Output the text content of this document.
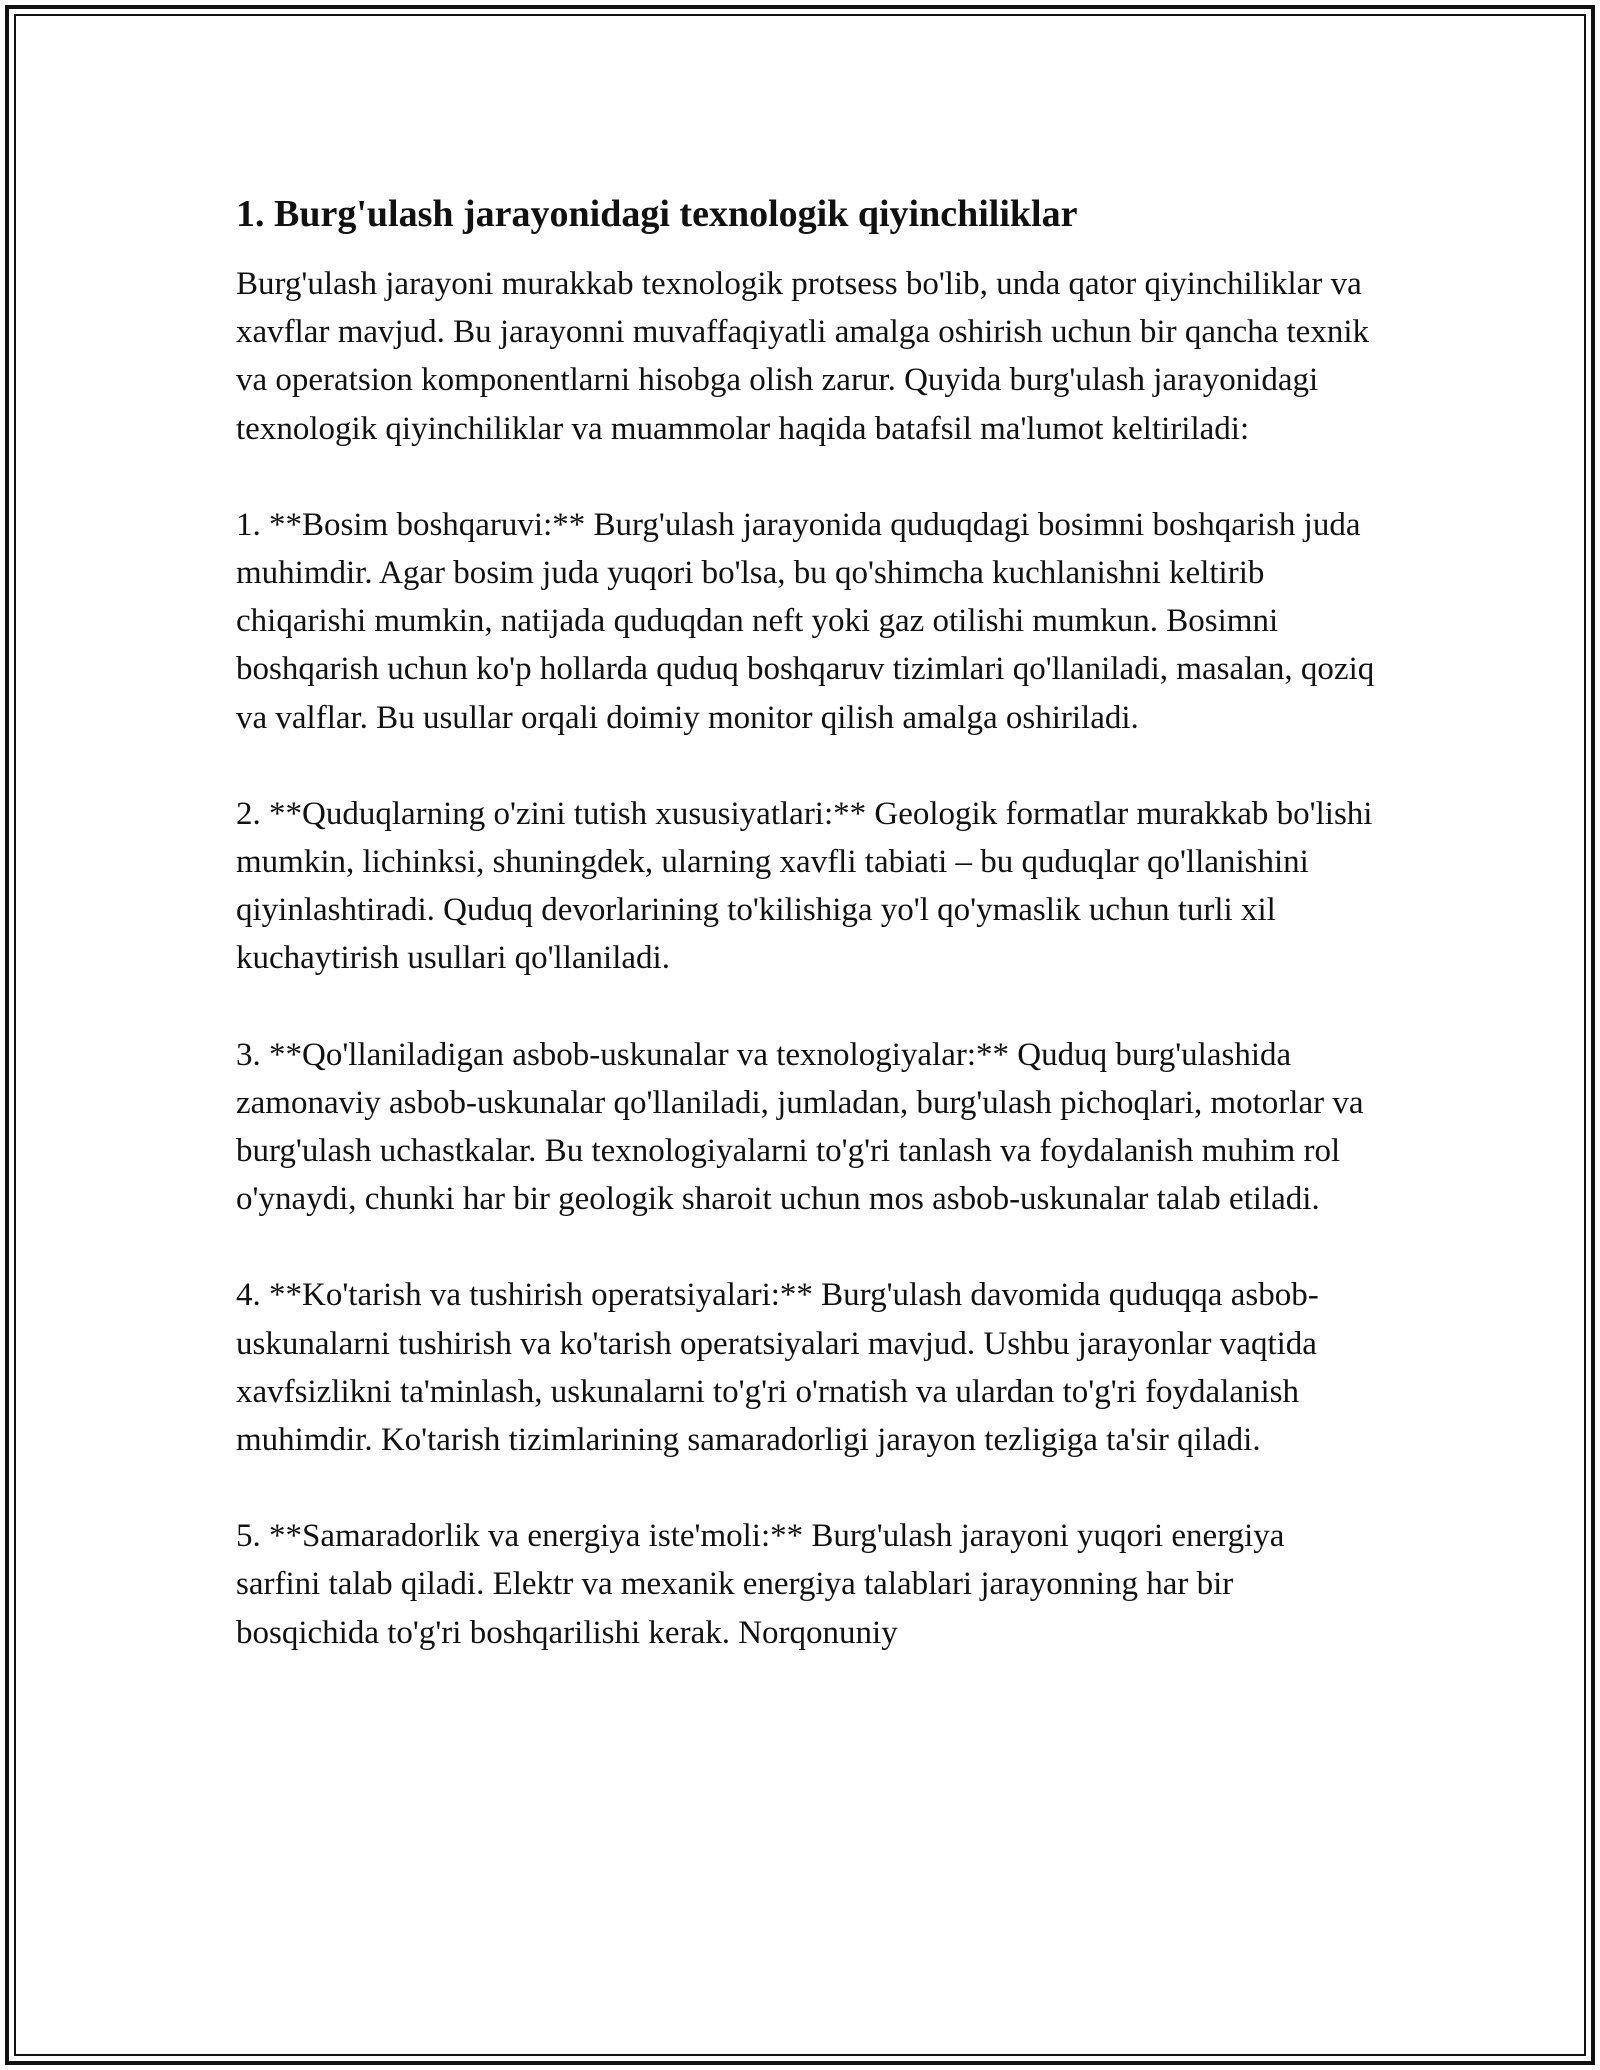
1. Burg'ulash jarayonidagi texnologik qiyinchiliklar

Burg'ulash jarayoni murakkab texnologik protsess bo'lib, unda qator qiyinchiliklar va xavflar mavjud. Bu jarayonni muvaffaqiyatli amalga oshirish uchun bir qancha texnik va operatsion komponentlarni hisobga olish zarur. Quyida burg'ulash jarayonidagi texnologik qiyinchiliklar va muammolar haqida batafsil ma'lumot keltiriladi:

1. **Bosim boshqaruvi:** Burg'ulash jarayonida quduqdagi bosimni boshqarish juda muhimdir. Agar bosim juda yuqori bo'lsa, bu qo'shimcha kuchlanishni keltirib chiqarishi mumkin, natijada quduqdan neft yoki gaz otilishi mumkun. Bosimni boshqarish uchun ko'p hollarda quduq boshqaruv tizimlari qo'llaniladi, masalan, qoziq va valflar. Bu usullar orqali doimiy monitor qilish amalga oshiriladi.

2. **Quduqlarning o'zini tutish xususiyatlari:** Geologik formatlar murakkab bo'lishi mumkin, lichinksi, shuningdek, ularning xavfli tabiati – bu quduqlar qo'llanishini qiyinlashtiradi. Quduq devorlarining to'kilishiga yo'l qo'ymaslik uchun turli xil kuchaytirish usullari qo'llaniladi.

3. **Qo'llaniladigan asbob-uskunalar va texnologiyalar:** Quduq burg'ulashida zamonaviy asbob-uskunalar qo'llaniladi, jumladan, burg'ulash pichoqlari, motorlar va burg'ulash uchastkalar. Bu texnologiyalarni to'g'ri tanlash va foydalanish muhim rol o'ynaydi, chunki har bir geologik sharoit uchun mos asbob-uskunalar talab etiladi.

4. **Ko'tarish va tushirish operatsiyalari:** Burg'ulash davomida quduqqa asbob-uskunalarni tushirish va ko'tarish operatsiyalari mavjud. Ushbu jarayonlar vaqtida xavfsizlikni ta'minlash, uskunalarni to'g'ri o'rnatish va ulardan to'g'ri foydalanish muhimdir. Ko'tarish tizimlarining samaradorligi jarayon tezligiga ta'sir qiladi.

5. **Samaradorlik va energiya iste'moli:** Burg'ulash jarayoni yuqori energiya sarfini talab qiladi. Elektr va mexanik energiya talablari jarayonning har bir bosqichida to'g'ri boshqarilishi kerak. Norqonuniy
